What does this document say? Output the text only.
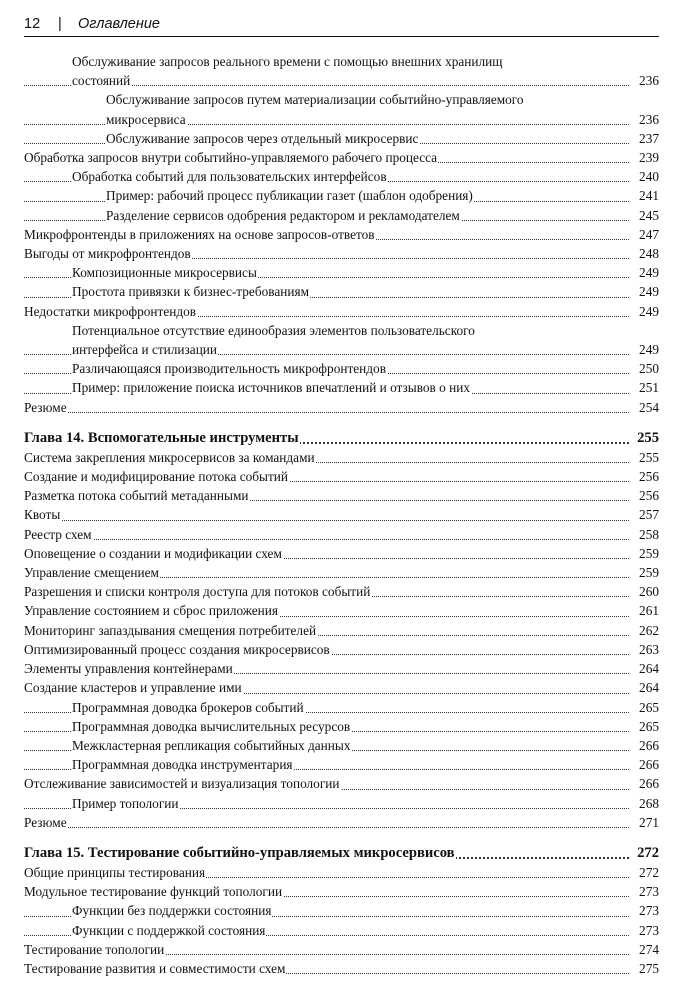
12 | Оглавление
Обслуживание запросов реального времени с помощью внешних хранилищ
состояний	236
Обслуживание запросов путем материализации событийно-управляемого
микросервиса	236
Обслуживание запросов через отдельный микросервис	237
Обработка запросов внутри событийно-управляемого рабочего процесса	239
Обработка событий для пользовательских интерфейсов	240
Пример: рабочий процесс публикации газет (шаблон одобрения)	241
Разделение сервисов одобрения редактором и рекламодателем	245
Микрофронтенды в приложениях на основе запросов-ответов	247
Выгоды от микрофронтендов	248
Композиционные микросервисы	249
Простота привязки к бизнес-требованиям	249
Недостатки микрофронтендов	249
Потенциальное отсутствие единообразия элементов пользовательского
интерфейса и стилизации	249
Различающаяся производительность микрофронтендов	250
Пример: приложение поиска источников впечатлений и отзывов о них	251
Резюме	254
Глава 14. Вспомогательные инструменты	255
Система закрепления микросервисов за командами	255
Создание и модифицирование потока событий	256
Разметка потока событий метаданными	256
Квоты	257
Реестр схем	258
Оповещение о создании и модификации схем	259
Управление смещением	259
Разрешения и списки контроля доступа для потоков событий	260
Управление состоянием и сброс приложения	261
Мониторинг запаздывания смещения потребителей	262
Оптимизированный процесс создания микросервисов	263
Элементы управления контейнерами	264
Создание кластеров и управление ими	264
Программная доводка брокеров событий	265
Программная доводка вычислительных ресурсов	265
Межкластерная репликация событийных данных	266
Программная доводка инструментария	266
Отслеживание зависимостей и визуализация топологии	266
Пример топологии	268
Резюме	271
Глава 15. Тестирование событийно-управляемых микросервисов	272
Общие принципы тестирования	272
Модульное тестирование функций топологии	273
Функции без поддержки состояния	273
Функции с поддержкой состояния	273
Тестирование топологии	274
Тестирование развития и совместимости схем	275
